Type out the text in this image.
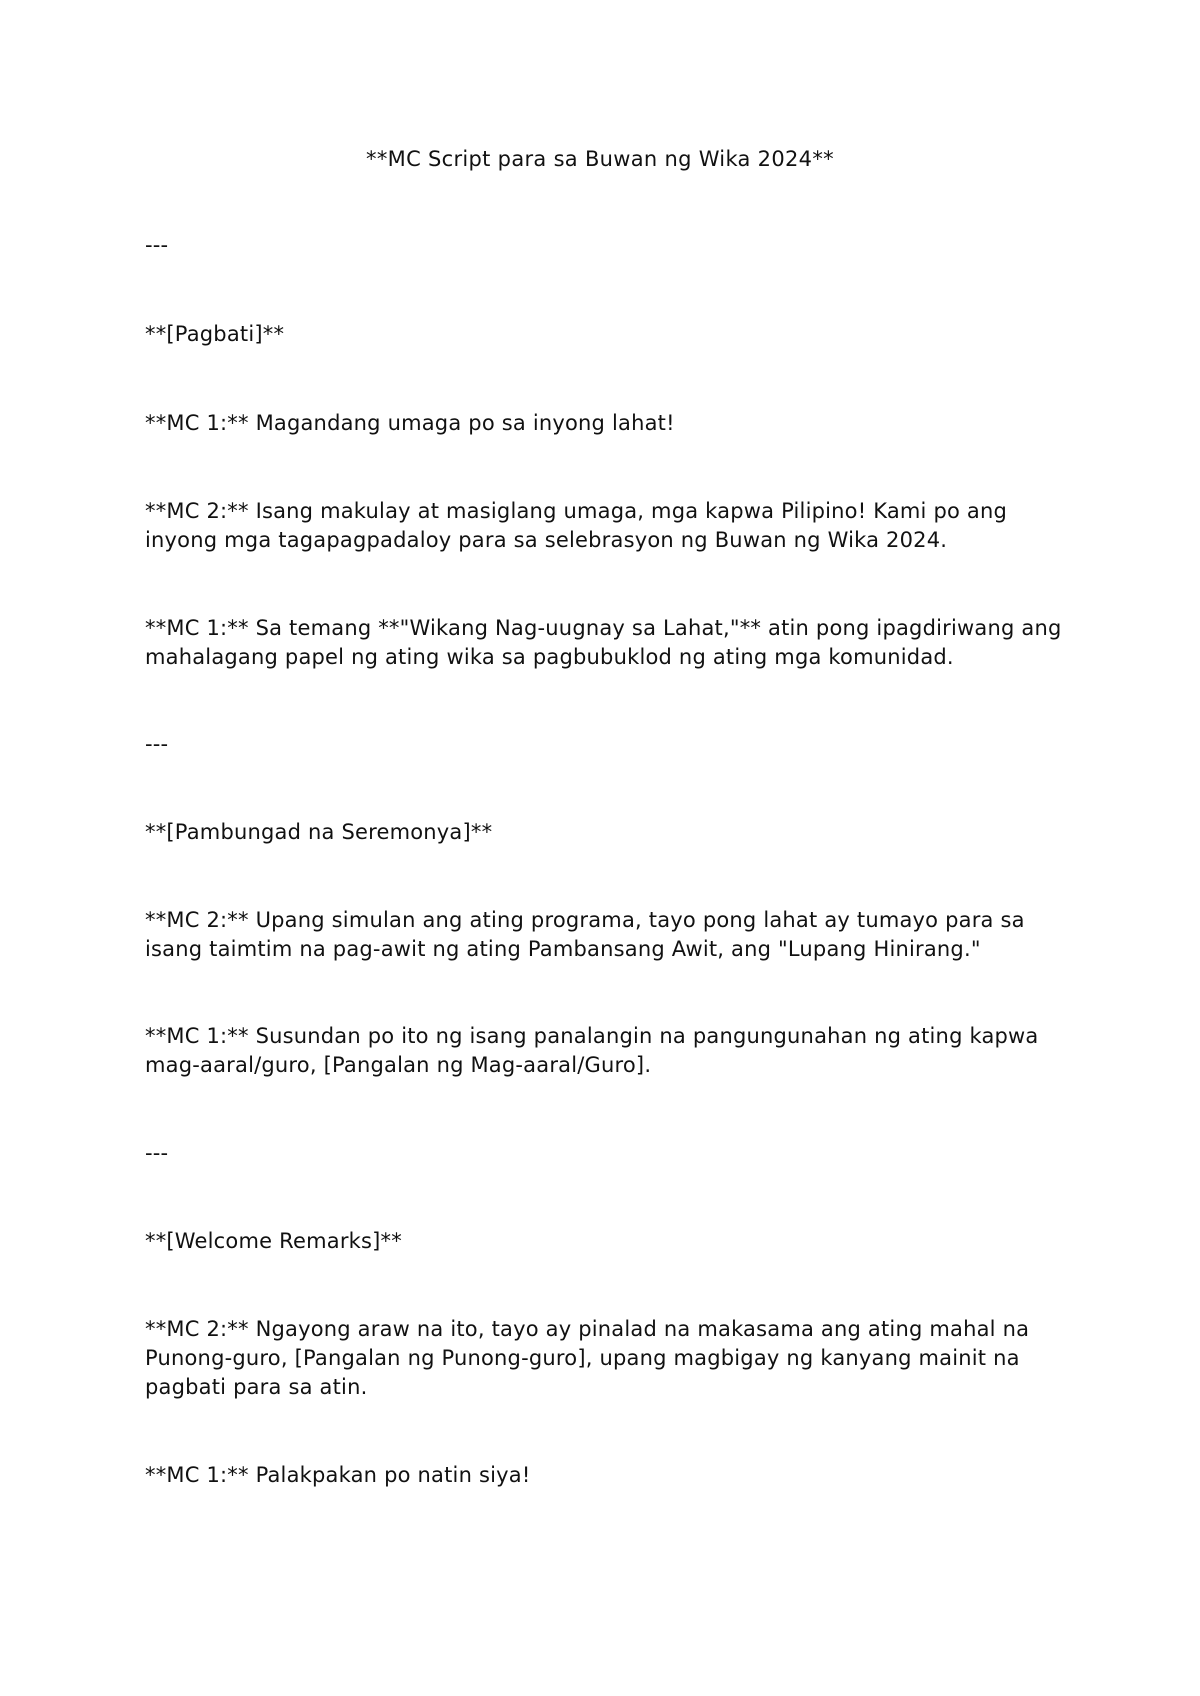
**MC Script para sa Buwan ng Wika 2024**

---

**[Pagbati]**

**MC 1:** Magandang umaga po sa inyong lahat!

**MC 2:** Isang makulay at masiglang umaga, mga kapwa Pilipino! Kami po ang inyong mga tagapagpadaloy para sa selebrasyon ng Buwan ng Wika 2024.

**MC 1:** Sa temang **"Wikang Nag-uugnay sa Lahat,"** atin pong ipagdiriwang ang mahalagang papel ng ating wika sa pagbubuklod ng ating mga komunidad.

---

**[Pambungad na Seremonya]**

**MC 2:** Upang simulan ang ating programa, tayo pong lahat ay tumayo para sa isang taimtim na pag-awit ng ating Pambansang Awit, ang "Lupang Hinirang."

**MC 1:** Susundan po ito ng isang panalangin na pangungunahan ng ating kapwa mag-aaral/guro, [Pangalan ng Mag-aaral/Guro].

---

**[Welcome Remarks]**

**MC 2:** Ngayong araw na ito, tayo ay pinalad na makasama ang ating mahal na Punong-guro, [Pangalan ng Punong-guro], upang magbigay ng kanyang mainit na pagbati para sa atin.

**MC 1:** Palakpakan po natin siya!
